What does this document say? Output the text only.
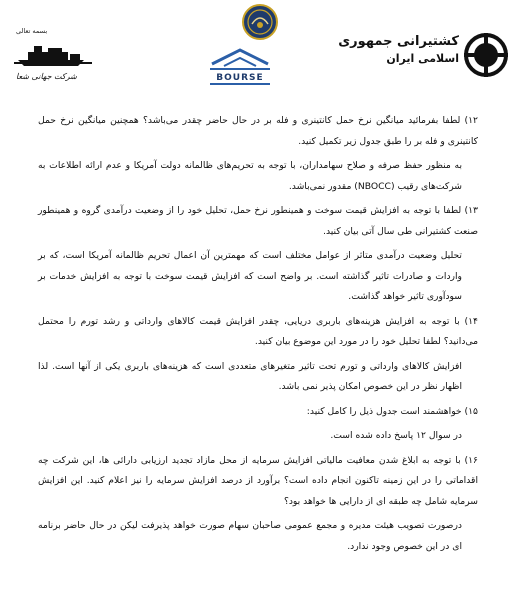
بسمه تعالی
شرکت جهانی شعا	BOURSE
کشتیرانی جمهوری
اسلامی ایران

۱۲) لطفا بفرمائید میانگین نرخ حمل کانتینری و فله بر در حال حاضر چقدر می‌باشد؟ همچنین میانگین نرخ حمل کانتینری و فله بر را طبق جدول زیر تکمیل کنید.

به منظور حفظ صرفه و صلاح سهامداران، با توجه به تحریم‌های ظالمانه دولت آمریکا و عدم ارائه اطلاعات به شرکت‌های رقیب (NBOCC) مقدور نمی‌باشد.

۱۳) لطفا با توجه به افزایش قیمت سوخت و همینطور نرخ حمل، تحلیل خود را از وضعیت درآمدی گروه و همینطور صنعت کشتیرانی طی سال آتی بیان کنید.

تحلیل وضعیت درآمدی متاثر از عوامل مختلف است که مهمترین آن اعمال تحریم ظالمانه آمریکا است، که بر واردات و صادرات تاثیر گذاشته است. بر واضح است که افزایش قیمت سوخت با توجه به افزایش خدمات بر سودآوری تاثیر خواهد گذاشت.

۱۴) با توجه به افزایش هزینه‌های باربری دریایی، چقدر افزایش قیمت کالاهای وارداتی و رشد تورم را محتمل می‌دانید؟ لطفا تحلیل خود را در مورد این موضوع بیان کنید.

افزایش کالاهای وارداتی و تورم تحت تاثیر متغیرهای متعددی است که هزینه‌های باربری یکی از آنها است. لذا اظهار نظر در این خصوص امکان پذیر نمی باشد.

۱۵) خواهشمند است جدول ذیل را کامل کنید:

در سوال ۱۲ پاسخ داده شده است.

۱۶) با توجه به ابلاغ شدن معافیت مالیاتی افزایش سرمایه از محل مازاد تجدید ارزیابی دارائی ها، این شرکت چه اقداماتی را در این زمینه تاکنون انجام داده است؟ برآورد از درصد افزایش سرمایه را نیز اعلام کنید. این افزایش سرمایه شامل چه طبقه ای از دارایی ها خواهد بود؟

درصورت تصویب هیئت مدیره و مجمع عمومی صاحبان سهام صورت خواهد پذیرفت لیکن در حال حاضر برنامه ای در این خصوص وجود ندارد.
